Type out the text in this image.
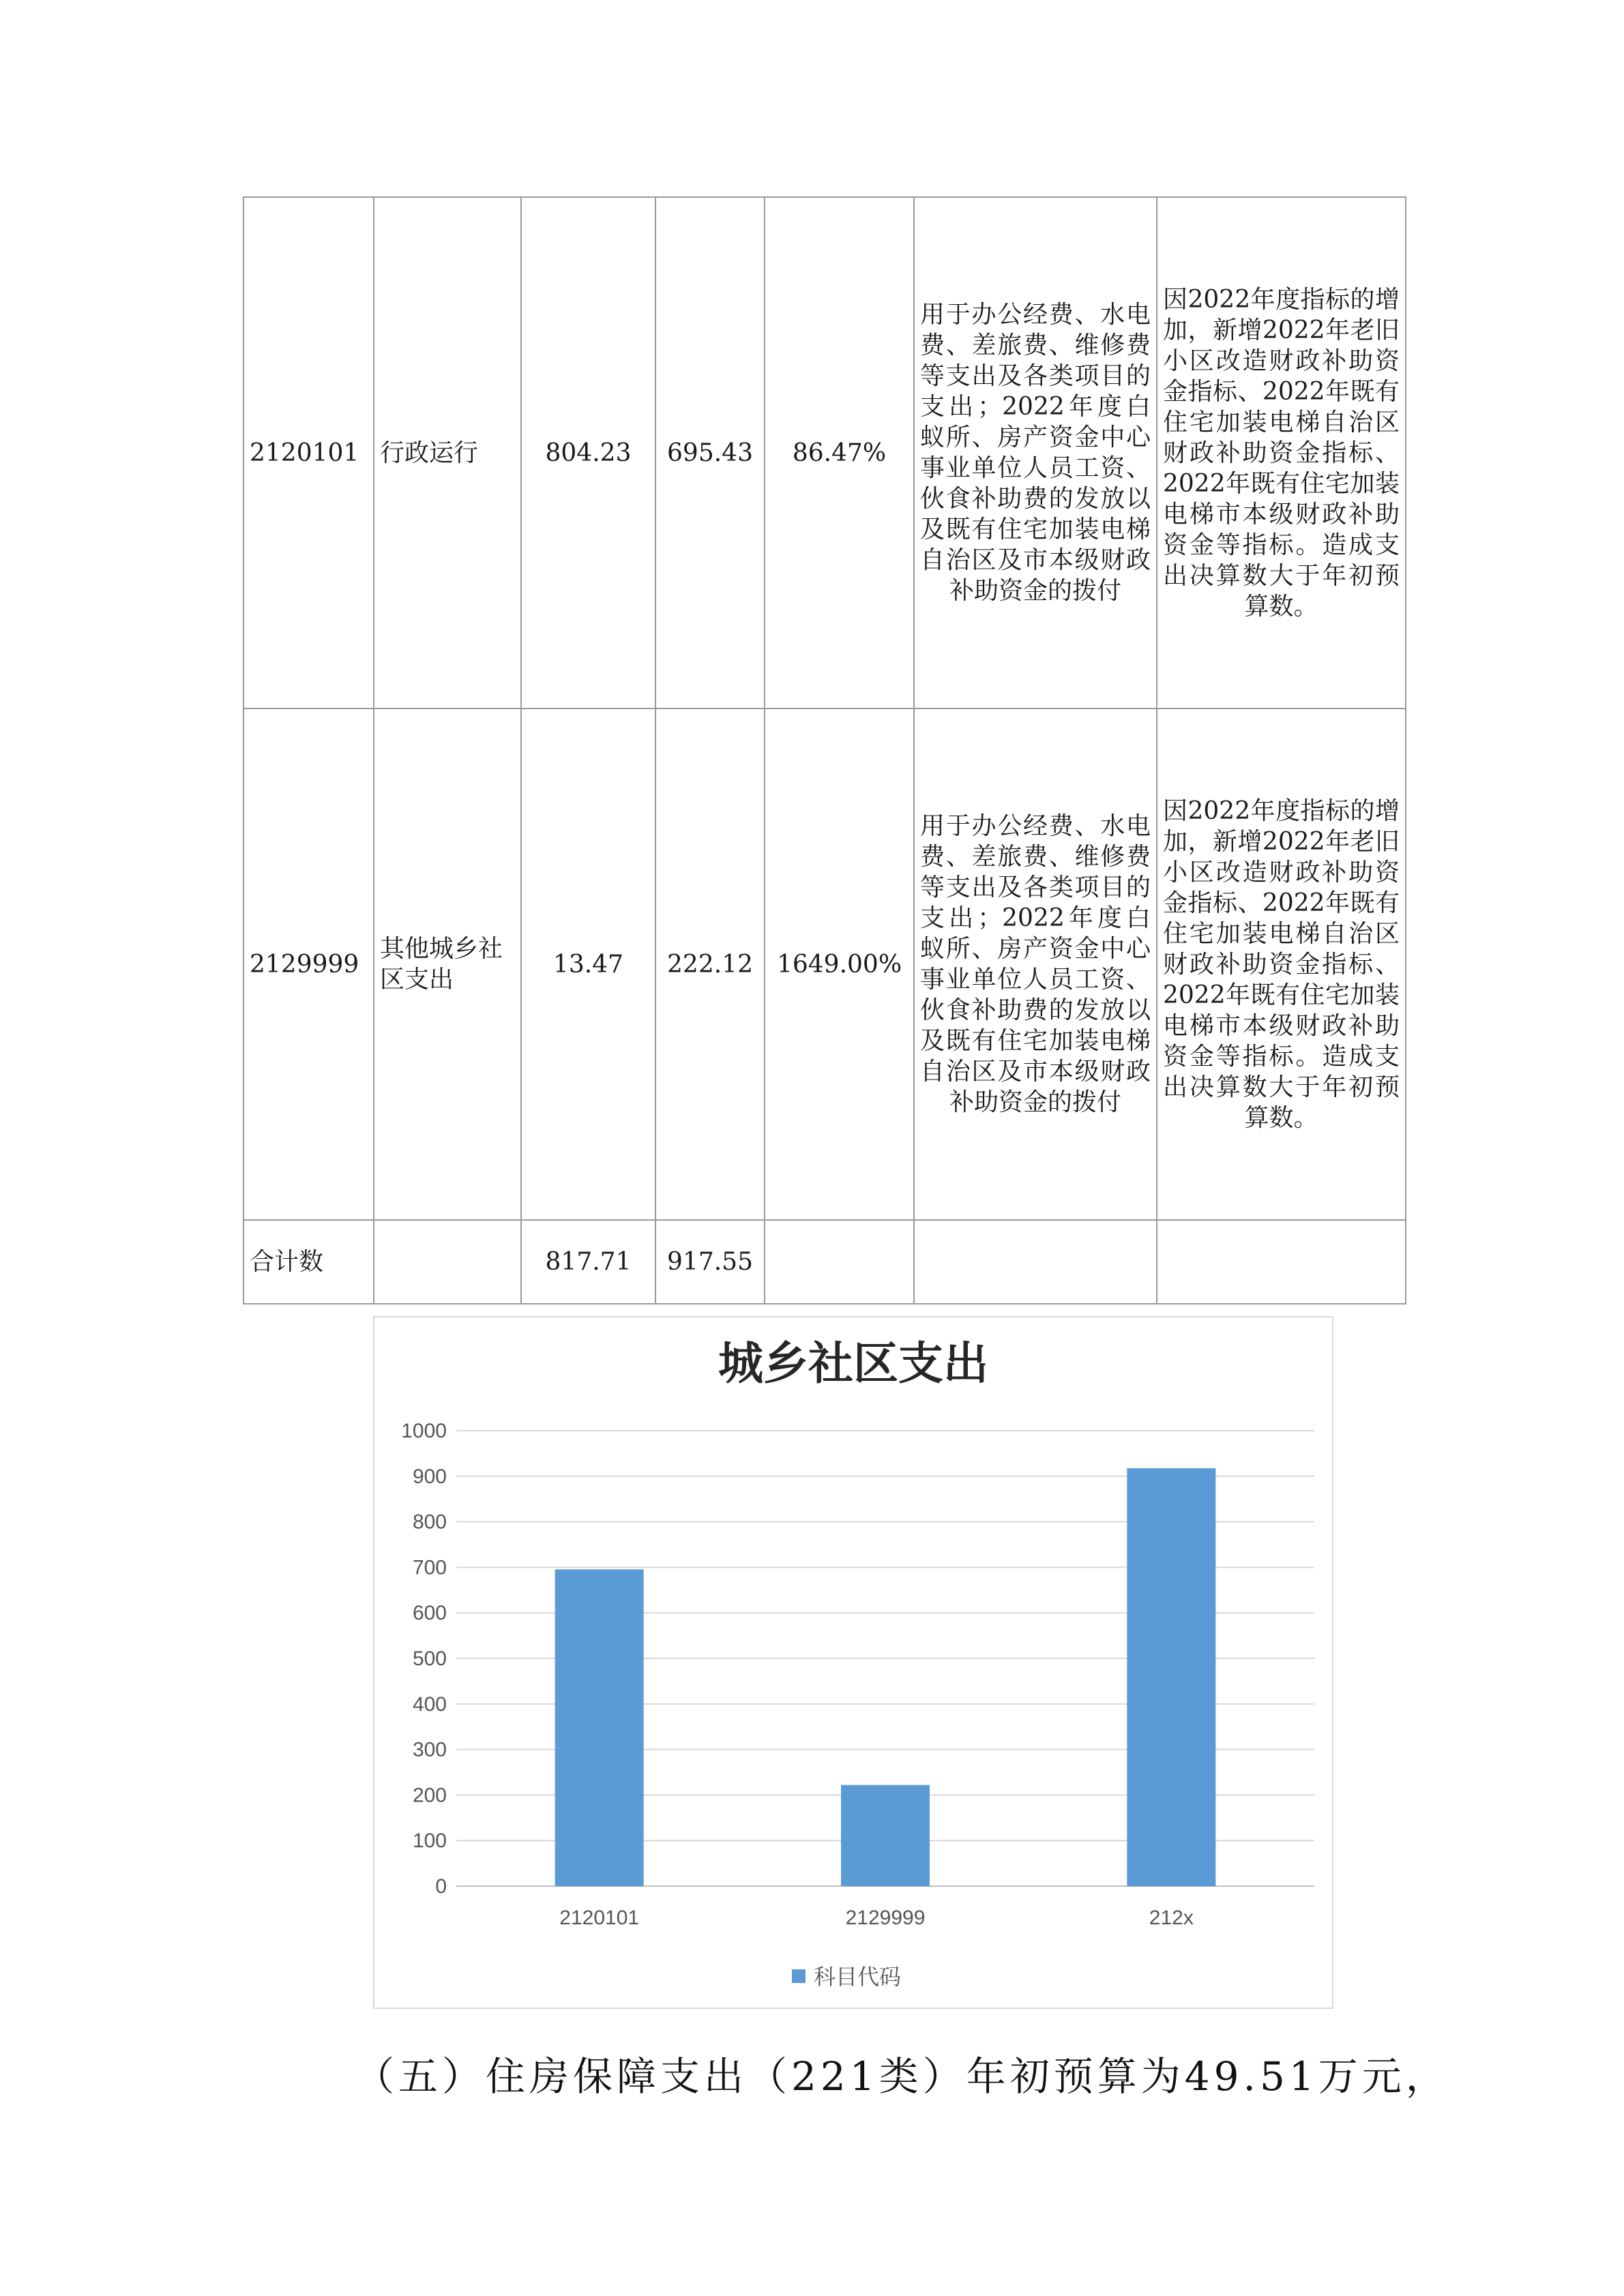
2120101	行政运行	804.23	695.43	86.47%	用于办公经费、水电费、差旅费、维修费等支出及各类项目的支出；2022年度白蚁所、房产资金中心事业单位人员工资、伙食补助费的发放以及既有住宅加装电梯自治区及市本级财政补助资金的拨付	因2022年度指标的增加，新增2022年老旧小区改造财政补助资金指标、2022年既有住宅加装电梯自治区财政补助资金指标、2022年既有住宅加装电梯市本级财政补助资金等指标。造成支出决算数大于年初预算数。
2129999	其他城乡社区支出	13.47	222.12	1649.00%	用于办公经费、水电费、差旅费、维修费等支出及各类项目的支出；2022年度白蚁所、房产资金中心事业单位人员工资、伙食补助费的发放以及既有住宅加装电梯自治区及市本级财政补助资金的拨付	因2022年度指标的增加，新增2022年老旧小区改造财政补助资金指标、2022年既有住宅加装电梯自治区财政补助资金指标、2022年既有住宅加装电梯市本级财政补助资金等指标。造成支出决算数大于年初预算数。
合计数		817.71	917.55			
城乡社区支出
0
100
200
300
400
500
600
700
800
900
1000
2120101	2129999	212x
科目代码
（五）住房保障支出（221类）年初预算为49.51万元，
